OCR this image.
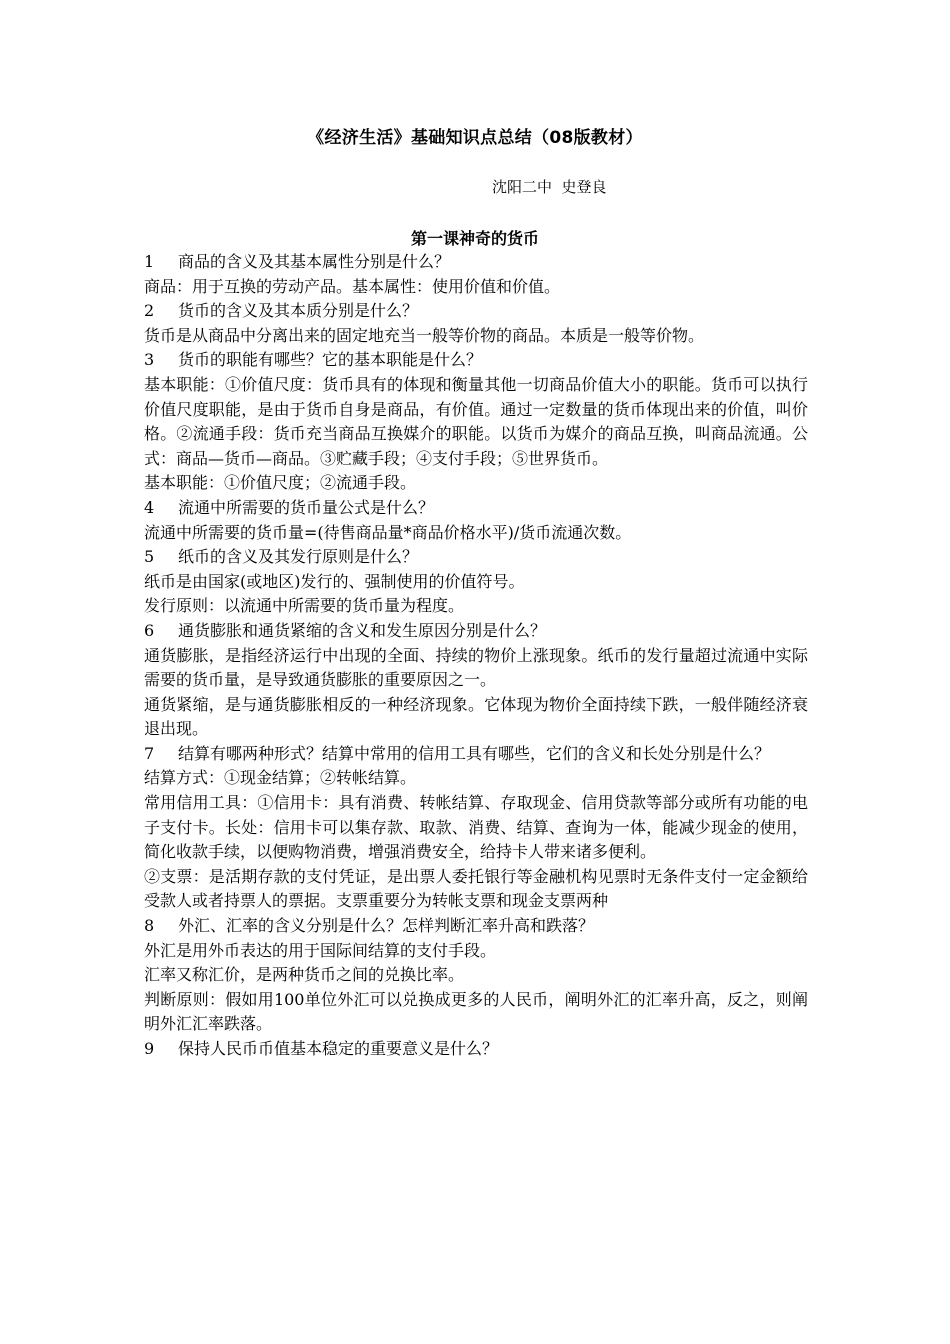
《经济生活》基础知识点总结（08版教材）
沈阳二中  史登良
第一课神奇的货币

1 商品的含义及其基本属性分别是什么？

商品：用于互换的劳动产品。基本属性：使用价值和价值。

2 货币的含义及其本质分别是什么？

货币是从商品中分离出来的固定地充当一般等价物的商品。本质是一般等价物。

3 货币的职能有哪些？它的基本职能是什么？

基本职能：①价值尺度：货币具有的体现和衡量其他一切商品价值大小的职能。货币可以执行价值尺度职能，是由于货币自身是商品，有价值。通过一定数量的货币体现出来的价值，叫价格。②流通手段：货币充当商品互换媒介的职能。以货币为媒介的商品互换，叫商品流通。公式：商品—货币—商品。③贮藏手段；④支付手段；⑤世界货币。

基本职能：①价值尺度；②流通手段。

4 流通中所需要的货币量公式是什么？

流通中所需要的货币量=(待售商品量*商品价格水平)/货币流通次数。

5 纸币的含义及其发行原则是什么？

纸币是由国家(或地区)发行的、强制使用的价值符号。

发行原则：以流通中所需要的货币量为程度。

6 通货膨胀和通货紧缩的含义和发生原因分别是什么？

通货膨胀，是指经济运行中出现的全面、持续的物价上涨现象。纸币的发行量超过流通中实际需要的货币量，是导致通货膨胀的重要原因之一。

通货紧缩，是与通货膨胀相反的一种经济现象。它体现为物价全面持续下跌，一般伴随经济衰退出现。

7 结算有哪两种形式？结算中常用的信用工具有哪些，它们的含义和长处分别是什么？

结算方式：①现金结算；②转帐结算。

常用信用工具：①信用卡：具有消费、转帐结算、存取现金、信用贷款等部分或所有功能的电子支付卡。长处：信用卡可以集存款、取款、消费、结算、查询为一体，能减少现金的使用，简化收款手续，以便购物消费，增强消费安全，给持卡人带来诸多便利。

②支票：是活期存款的支付凭证，是出票人委托银行等金融机构见票时无条件支付一定金额给受款人或者持票人的票据。支票重要分为转帐支票和现金支票两种

8 外汇、汇率的含义分别是什么？怎样判断汇率升高和跌落？

外汇是用外币表达的用于国际间结算的支付手段。

汇率又称汇价，是两种货币之间的兑换比率。

判断原则：假如用100单位外汇可以兑换成更多的人民币，阐明外汇的汇率升高，反之，则阐明外汇汇率跌落。

9 保持人民币币值基本稳定的重要意义是什么？
